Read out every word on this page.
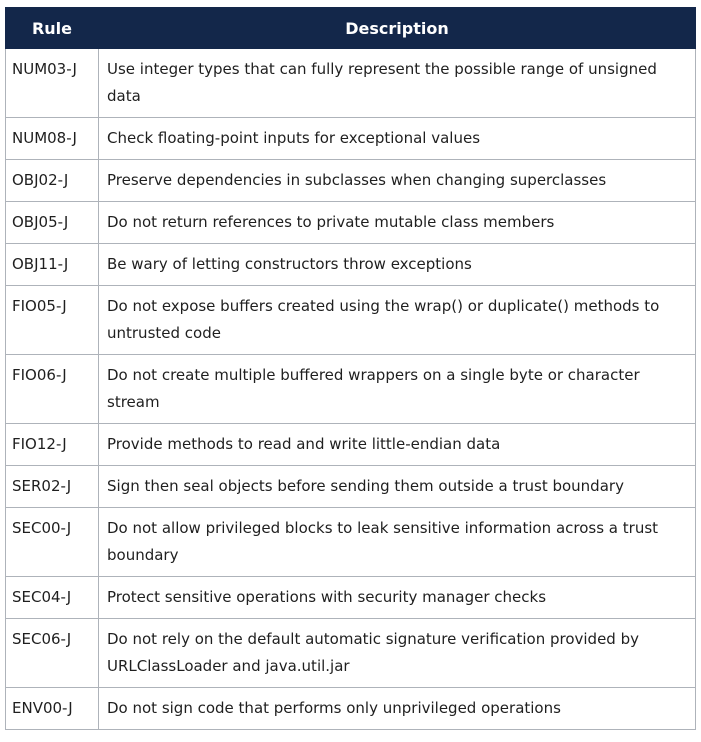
Rule	Description
NUM03-J	Use integer types that can fully represent the possible range of unsigned data
NUM08-J	Check floating-point inputs for exceptional values
OBJ02-J	Preserve dependencies in subclasses when changing superclasses
OBJ05-J	Do not return references to private mutable class members
OBJ11-J	Be wary of letting constructors throw exceptions
FIO05-J	Do not expose buffers created using the wrap() or duplicate() methods to untrusted code
FIO06-J	Do not create multiple buffered wrappers on a single byte or character stream
FIO12-J	Provide methods to read and write little-endian data
SER02-J	Sign then seal objects before sending them outside a trust boundary
SEC00-J	Do not allow privileged blocks to leak sensitive information across a trust boundary
SEC04-J	Protect sensitive operations with security manager checks
SEC06-J	Do not rely on the default automatic signature verification provided by URLClassLoader and java.util.jar
ENV00-J	Do not sign code that performs only unprivileged operations
